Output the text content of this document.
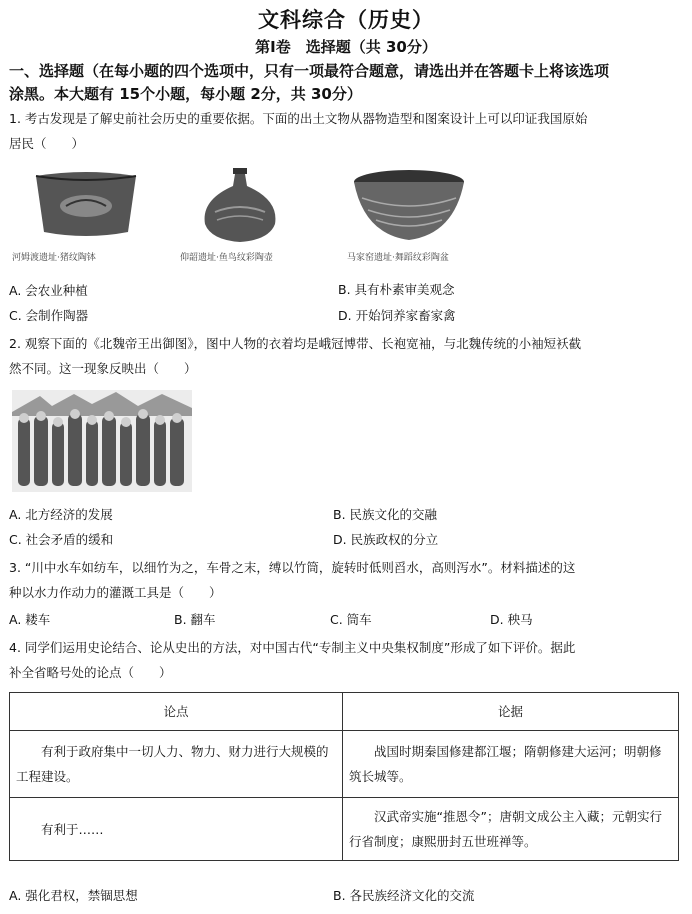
文科综合（历史）
第Ⅰ卷　选择题（共 30分）
一、选择题（在每小题的四个选项中，只有一项最符合题意，请选出并在答题卡上将该选项
涂黑。本大题有 15个小题，每小题 2分，共 30分）
1. 考古发现是了解史前社会历史的重要依据。下面的出土文物从器物造型和图案设计上可以印证我国原始
居民（　　）
河姆渡遗址·猪纹陶钵	仰韶遗址·鱼鸟纹彩陶壶	马家窑遗址·舞蹈纹彩陶盆
A. 会农业种植	B. 具有朴素审美观念
C. 会制作陶器	D. 开始饲养家畜家禽
2. 观察下面的《北魏帝王出御图》，图中人物的衣着均是峨冠博带、长袍宽袖，与北魏传统的小袖短袄截
然不同。这一现象反映出（　　）
A. 北方经济的发展	B. 民族文化的交融
C. 社会矛盾的缓和	D. 民族政权的分立
3. “川中水车如纺车，以细竹为之，车骨之末，缚以竹筒，旋转时低则舀水，高则泻水”。材料描述的这
种以水力作动力的灌溉工具是（　　）
A. 耧车	B. 翻车	C. 筒车	D. 秧马
4. 同学们运用史论结合、论从史出的方法，对中国古代“专制主义中央集权制度”形成了如下评价。据此
补全省略号处的论点（　　）
论点	论据
有利于政府集中一切人力、物力、财力进行大规模的工程建设。	战国时期秦国修建都江堰；隋朝修建大运河；明朝修筑长城等。
有利于……	汉武帝实施“推恩令”；唐朝文成公主入藏；元朝实行行省制度；康熙册封五世班禅等。
A. 强化君权，禁锢思想	B. 各民族经济文化的交流
